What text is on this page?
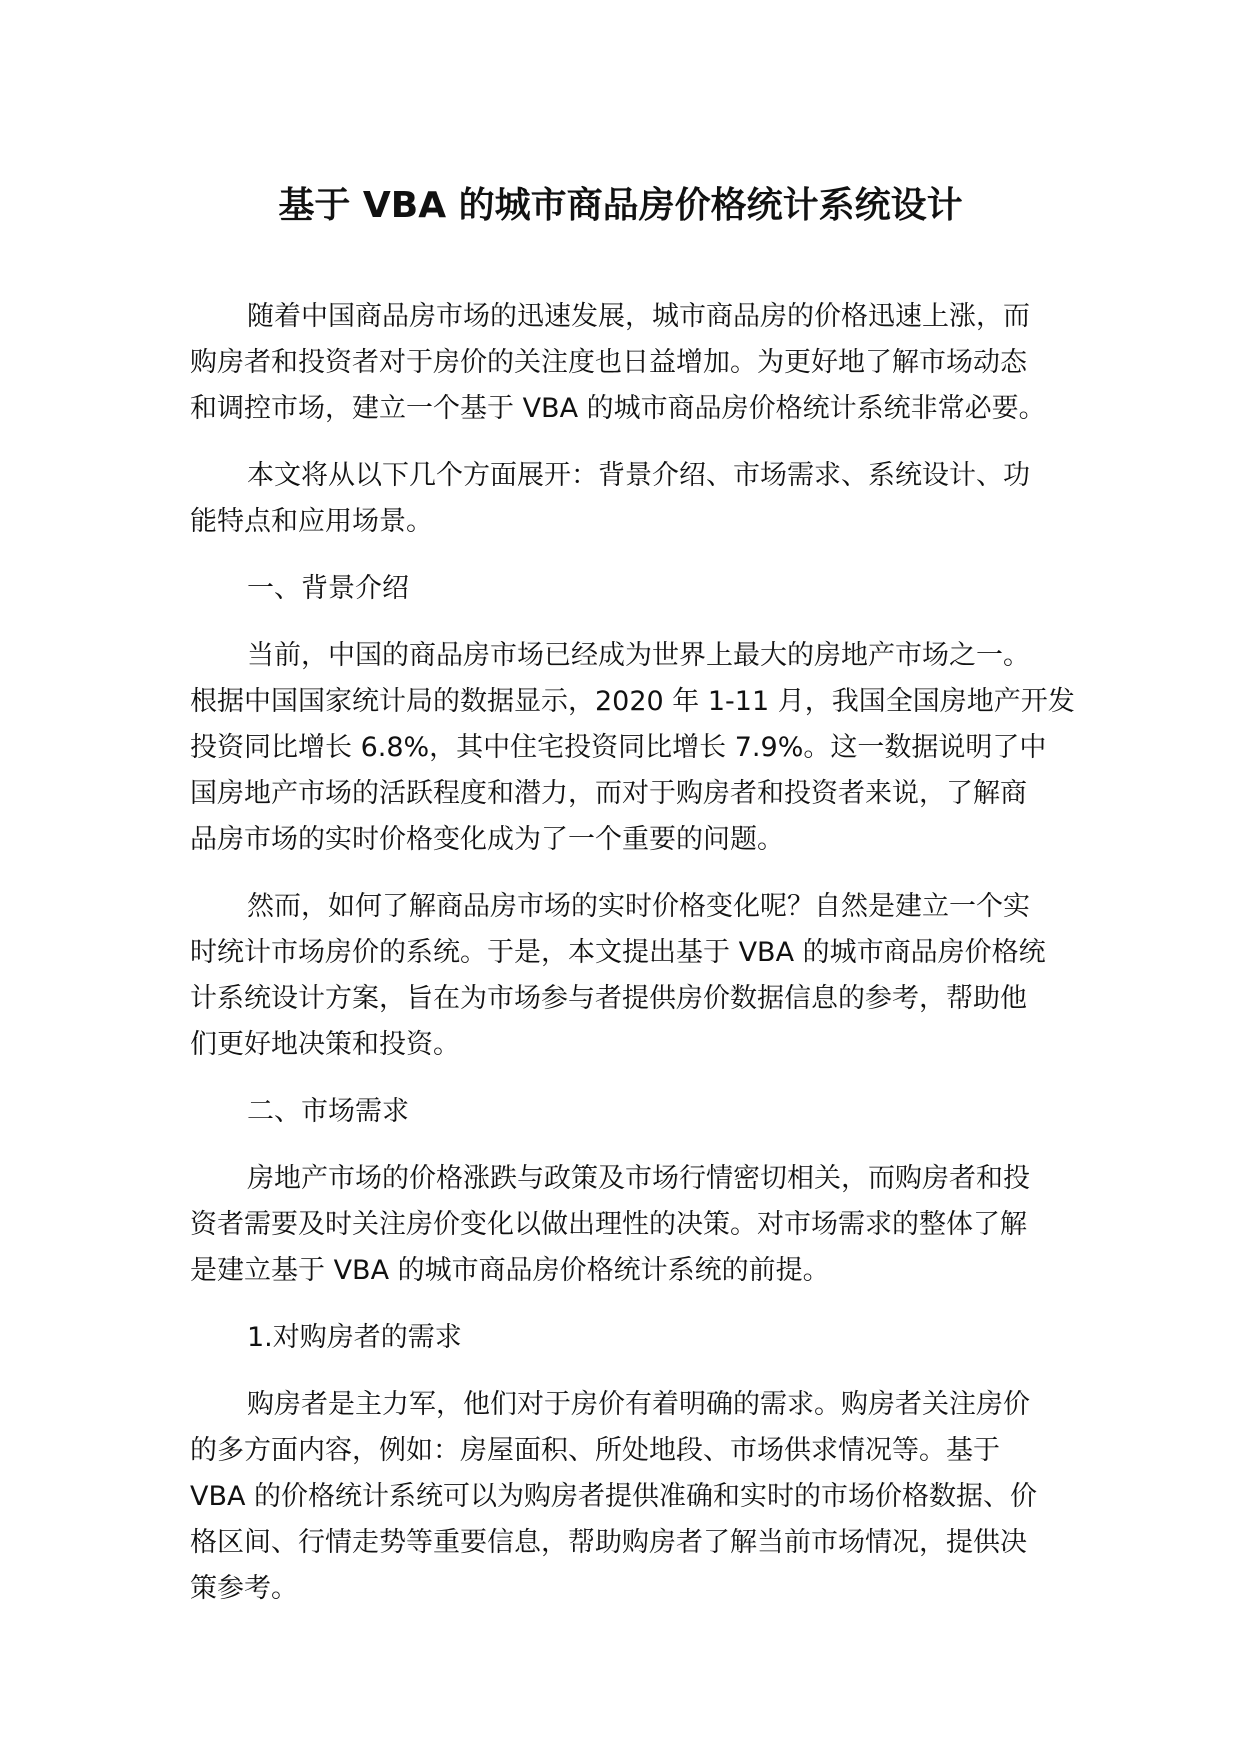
基于 VBA 的城市商品房价格统计系统设计
随着中国商品房市场的迅速发展，城市商品房的价格迅速上涨，而
购房者和投资者对于房价的关注度也日益增加。为更好地了解市场动态
和调控市场，建立一个基于 VBA 的城市商品房价格统计系统非常必要。
本文将从以下几个方面展开：背景介绍、市场需求、系统设计、功
能特点和应用场景。
一、背景介绍
当前，中国的商品房市场已经成为世界上最大的房地产市场之一。
根据中国国家统计局的数据显示，2020 年 1-11 月，我国全国房地产开发
投资同比增长 6.8%，其中住宅投资同比增长 7.9%。这一数据说明了中
国房地产市场的活跃程度和潜力，而对于购房者和投资者来说，了解商
品房市场的实时价格变化成为了一个重要的问题。
然而，如何了解商品房市场的实时价格变化呢？自然是建立一个实
时统计市场房价的系统。于是，本文提出基于 VBA 的城市商品房价格统
计系统设计方案，旨在为市场参与者提供房价数据信息的参考，帮助他
们更好地决策和投资。
二、市场需求
房地产市场的价格涨跌与政策及市场行情密切相关，而购房者和投
资者需要及时关注房价变化以做出理性的决策。对市场需求的整体了解
是建立基于 VBA 的城市商品房价格统计系统的前提。
1.对购房者的需求
购房者是主力军，他们对于房价有着明确的需求。购房者关注房价
的多方面内容，例如：房屋面积、所处地段、市场供求情况等。基于
VBA 的价格统计系统可以为购房者提供准确和实时的市场价格数据、价
格区间、行情走势等重要信息，帮助购房者了解当前市场情况，提供决
策参考。
